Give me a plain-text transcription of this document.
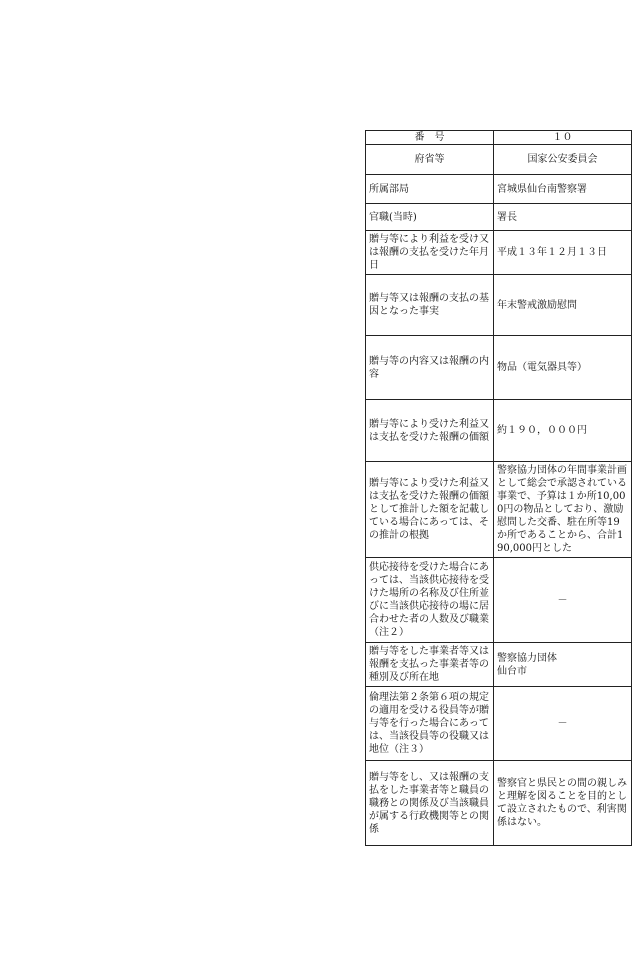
番　号	１０
府省等	国家公安委員会
所属部局	宮城県仙台南警察署
官職(当時)	署長
贈与等により利益を受け又は報酬の支払を受けた年月日	平成１３年１２月１３日
贈与等又は報酬の支払の基因となった事実	年末警戒激励慰問
贈与等の内容又は報酬の内容	物品（電気器具等）
贈与等により受けた利益又は支払を受けた報酬の価額	約１９０，０００円
贈与等により受けた利益又は支払を受けた報酬の価額として推計した額を記載している場合にあっては、その推計の根拠	警察協力団体の年間事業計画として総会で承認されている事業で、予算は１か所10,000円の物品としており、激励慰問した交番、駐在所等19か所であることから、合計190,000円とした
供応接待を受けた場合にあっては、当該供応接待を受けた場所の名称及び住所並びに当該供応接待の場に居合わせた者の人数及び職業（注２）	－
贈与等をした事業者等又は報酬を支払った事業者等の種別及び所在地	警察協力団体
仙台市

倫理法第２条第６項の規定の適用を受ける役員等が贈与等を行った場合にあっては、当該役員等の役職又は地位（注３）	－
贈与等をし、又は報酬の支払をした事業者等と職員の職務との関係及び当該職員が属する行政機関等との関係	警察官と県民との間の親しみと理解を図ることを目的として設立されたもので、利害関係はない。
